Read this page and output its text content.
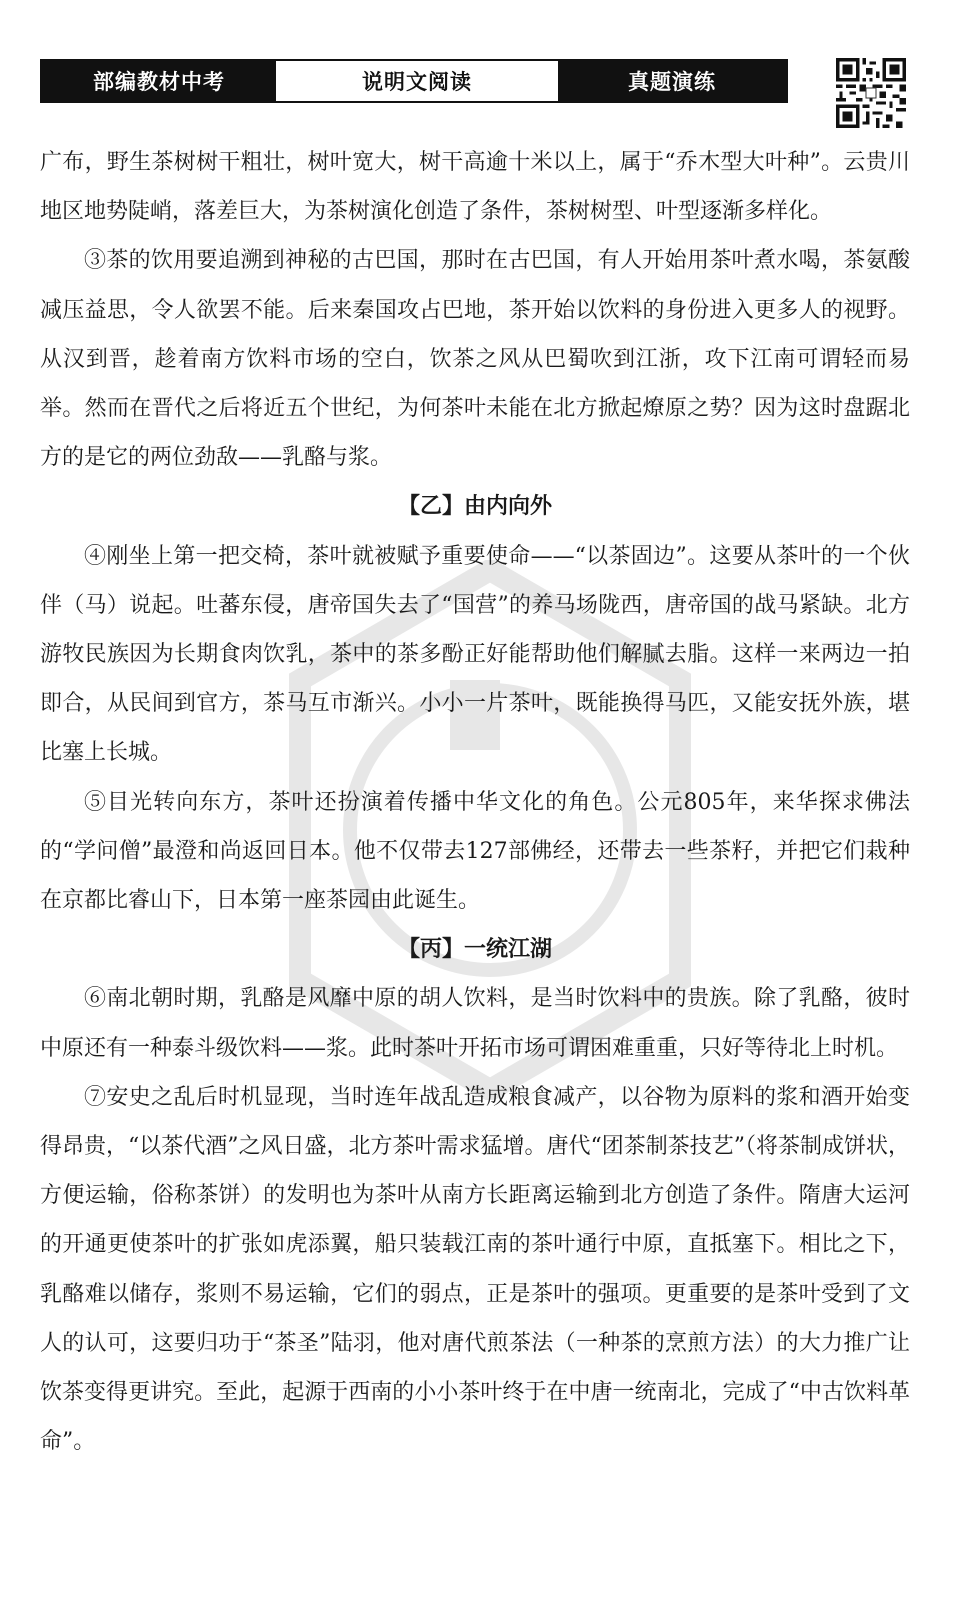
部编教材中考	说明文阅读	真题演练

广布，野生茶树树干粗壮，树叶宽大，树干高逾十米以上，属于“乔木型大叶种”。云贵川地区地势陡峭，落差巨大，为茶树演化创造了条件，茶树树型、叶型逐渐多样化。

③茶的饮用要追溯到神秘的古巴国，那时在古巴国，有人开始用茶叶煮水喝，茶氨酸减压益思，令人欲罢不能。后来秦国攻占巴地，茶开始以饮料的身份进入更多人的视野。从汉到晋，趁着南方饮料市场的空白，饮茶之风从巴蜀吹到江浙，攻下江南可谓轻而易举。然而在晋代之后将近五个世纪，为何茶叶未能在北方掀起燎原之势？因为这时盘踞北方的是它的两位劲敌——乳酪与浆。

【乙】由内向外

④刚坐上第一把交椅，茶叶就被赋予重要使命——“以茶固边”。这要从茶叶的一个伙伴（马）说起。吐蕃东侵，唐帝国失去了“国营”的养马场陇西，唐帝国的战马紧缺。北方游牧民族因为长期食肉饮乳，茶中的茶多酚正好能帮助他们解腻去脂。这样一来两边一拍即合，从民间到官方，茶马互市渐兴。小小一片茶叶，既能换得马匹，又能安抚外族，堪比塞上长城。

⑤目光转向东方，茶叶还扮演着传播中华文化的角色。公元805年，来华探求佛法的“学问僧”最澄和尚返回日本。他不仅带去127部佛经，还带去一些茶籽，并把它们栽种在京都比睿山下，日本第一座茶园由此诞生。

【丙】一统江湖

⑥南北朝时期，乳酪是风靡中原的胡人饮料，是当时饮料中的贵族。除了乳酪，彼时中原还有一种泰斗级饮料——浆。此时茶叶开拓市场可谓困难重重，只好等待北上时机。

⑦安史之乱后时机显现，当时连年战乱造成粮食减产，以谷物为原料的浆和酒开始变得昂贵，“以茶代酒”之风日盛，北方茶叶需求猛增。唐代“团茶制茶技艺”（将茶制成饼状，方便运输，俗称茶饼）的发明也为茶叶从南方长距离运输到北方创造了条件。隋唐大运河的开通更使茶叶的扩张如虎添翼，船只装载江南的茶叶通行中原，直抵塞下。相比之下，乳酪难以储存，浆则不易运输，它们的弱点，正是茶叶的强项。更重要的是茶叶受到了文人的认可，这要归功于“茶圣”陆羽，他对唐代煎茶法（一种茶的烹煎方法）的大力推广让饮茶变得更讲究。至此，起源于西南的小小茶叶终于在中唐一统南北，完成了“中古饮料革命”。
